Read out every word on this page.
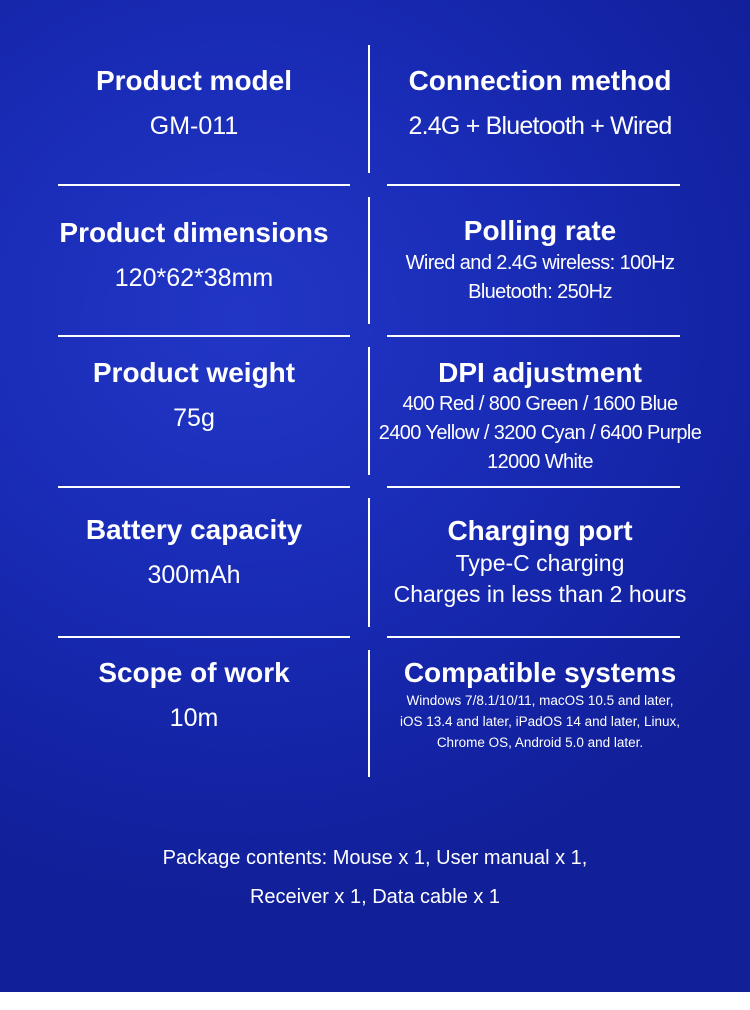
Product model
GM-011
Connection method
2.4G + Bluetooth + Wired
Product dimensions
120*62*38mm
Polling rate
Wired and 2.4G wireless: 100Hz
Bluetooth: 250Hz
Product weight
75g
DPI adjustment
400 Red / 800 Green / 1600 Blue
2400 Yellow / 3200 Cyan / 6400 Purple
12000 White
Battery capacity
300mAh
Charging port
Type-C charging
Charges in less than 2 hours
Scope of work
10m
Compatible systems
Windows 7/8.1/10/11, macOS 10.5 and later,
iOS 13.4 and later, iPadOS 14 and later, Linux,
Chrome OS, Android 5.0 and later.
Package contents: Mouse x 1, User manual x 1,
Receiver x 1, Data cable x 1
